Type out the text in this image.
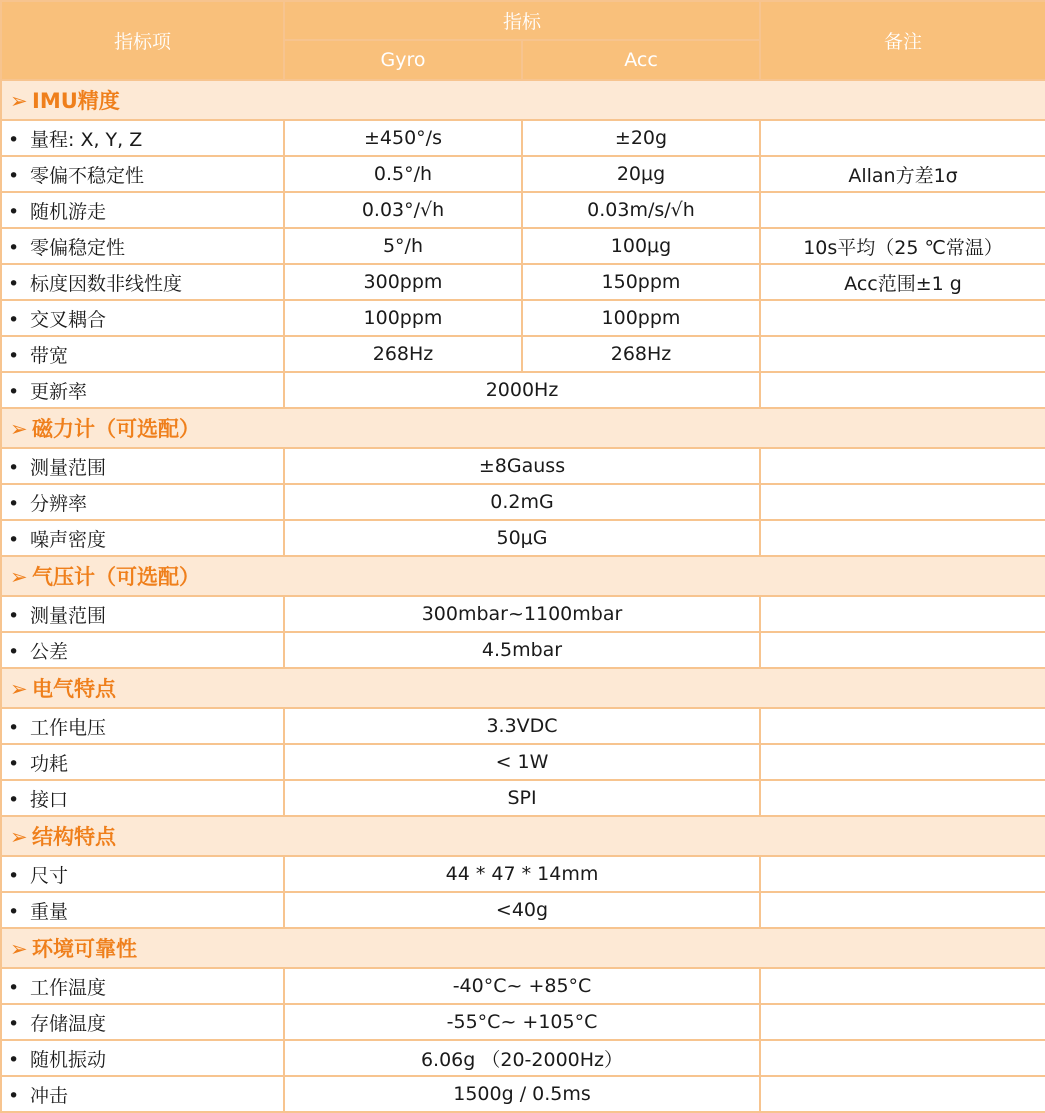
指标项	指标		备注
	Gyro	Acc	
➢ IMU精度			
• 量程: X, Y, Z	±450°/s	±20g	
• 零偏不稳定性	0.5°/h	20μg	Allan方差1σ
• 随机游走	0.03°/√h	0.03m/s/√h	
• 零偏稳定性	5°/h	100μg	10s平均（25 ℃常温）
• 标度因数非线性度	300ppm	150ppm	Acc范围±1 g
• 交叉耦合	100ppm	100ppm	
• 带宽	268Hz	268Hz	
• 更新率	2000Hz		
➢ 磁力计（可选配）			
• 测量范围	±8Gauss		
• 分辨率	0.2mG		
• 噪声密度	50μG		
➢ 气压计（可选配）			
• 测量范围	300mbar~1100mbar		
• 公差	4.5mbar		
➢ 电气特点			
• 工作电压	3.3VDC		
• 功耗	< 1W		
• 接口	SPI		
➢ 结构特点			
• 尺寸	44 * 47 * 14mm		
• 重量	<40g		
➢ 环境可靠性			
• 工作温度	-40°C~ +85°C		
• 存储温度	-55°C~ +105°C		
• 随机振动	6.06g （20-2000Hz）		
• 冲击	1500g / 0.5ms		
